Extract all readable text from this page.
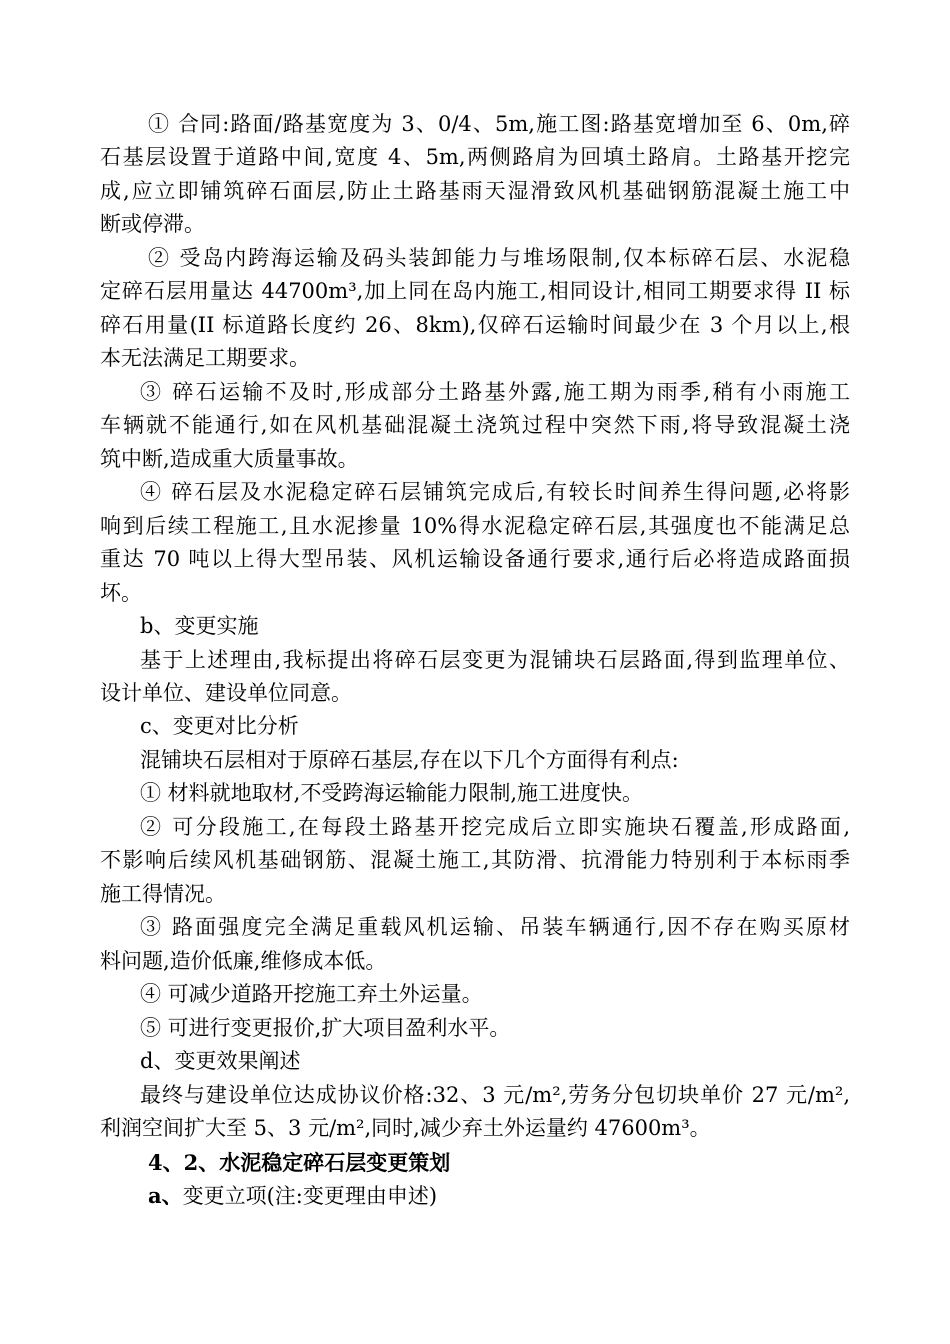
① 合同:路面/路基宽度为 3、0/4、5m,施工图:路基宽增加至 6、0m,碎
石基层设置于道路中间,宽度 4、5m,两侧路肩为回填土路肩。土路基开挖完
成,应立即铺筑碎石面层,防止土路基雨天湿滑致风机基础钢筋混凝土施工中
断或停滞。
② 受岛内跨海运输及码头装卸能力与堆场限制,仅本标碎石层、水泥稳
定碎石层用量达 44700m³,加上同在岛内施工,相同设计,相同工期要求得 II 标
碎石用量(II 标道路长度约 26、8km),仅碎石运输时间最少在 3 个月以上,根
本无法满足工期要求。
③ 碎石运输不及时,形成部分土路基外露,施工期为雨季,稍有小雨施工
车辆就不能通行,如在风机基础混凝土浇筑过程中突然下雨,将导致混凝土浇
筑中断,造成重大质量事故。
④ 碎石层及水泥稳定碎石层铺筑完成后,有较长时间养生得问题,必将影
响到后续工程施工,且水泥掺量 10%得水泥稳定碎石层,其强度也不能满足总
重达 70 吨以上得大型吊装、风机运输设备通行要求,通行后必将造成路面损
坏。
b、变更实施
基于上述理由,我标提出将碎石层变更为混铺块石层路面,得到监理单位、
设计单位、建设单位同意。
c、变更对比分析
混铺块石层相对于原碎石基层,存在以下几个方面得有利点:
① 材料就地取材,不受跨海运输能力限制,施工进度快。
② 可分段施工,在每段土路基开挖完成后立即实施块石覆盖,形成路面,
不影响后续风机基础钢筋、混凝土施工,其防滑、抗滑能力特别利于本标雨季
施工得情况。
③ 路面强度完全满足重载风机运输、吊装车辆通行,因不存在购买原材
料问题,造价低廉,维修成本低。
④ 可减少道路开挖施工弃土外运量。
⑤ 可进行变更报价,扩大项目盈利水平。
d、变更效果阐述
最终与建设单位达成协议价格:32、3 元/m²,劳务分包切块单价 27 元/m²,
利润空间扩大至 5、3 元/m²,同时,减少弃土外运量约 47600m³。
4、2、水泥稳定碎石层变更策划
a、变更立项(注:变更理由申述)
